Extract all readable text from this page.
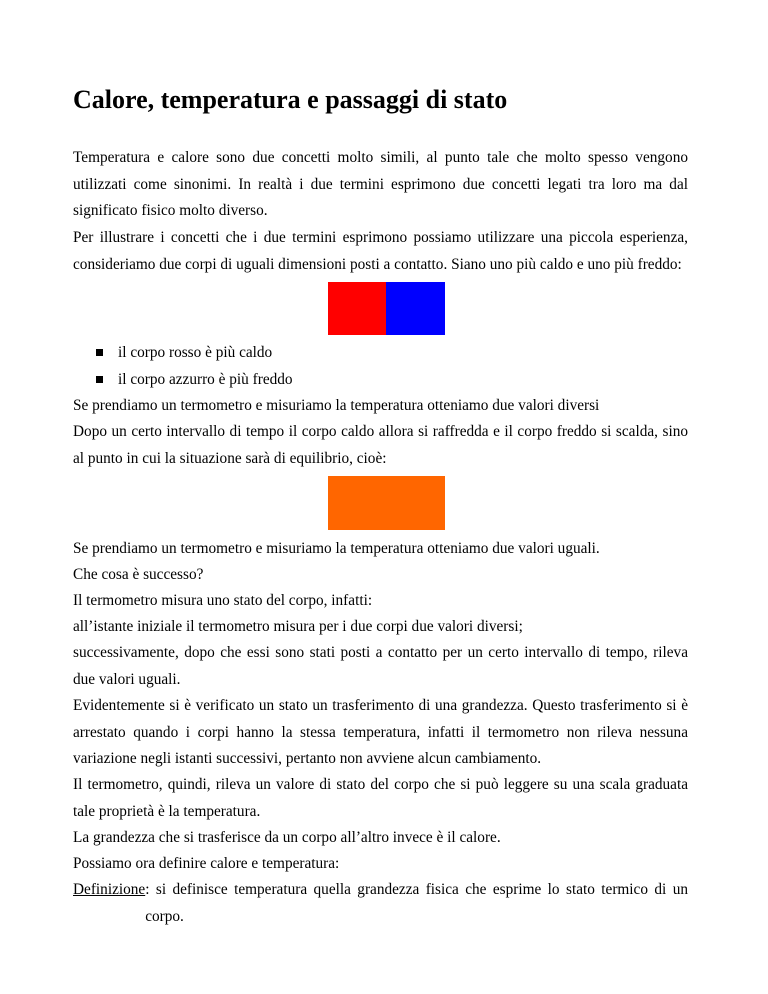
Calore, temperatura e passaggi di stato
Temperatura e calore sono due concetti molto simili, al punto tale che molto spesso vengono utilizzati come sinonimi. In realtà i due termini esprimono due concetti legati tra loro ma dal significato fisico molto diverso.
Per illustrare i concetti che i due termini esprimono possiamo utilizzare una piccola esperienza, consideriamo due corpi di uguali dimensioni posti a contatto. Siano uno più caldo e uno più freddo:
il corpo rosso è più caldo
il corpo azzurro è più freddo
Se prendiamo un termometro e misuriamo la temperatura otteniamo due valori diversi
Dopo un certo intervallo di tempo il corpo caldo allora si raffredda e il corpo freddo si scalda, sino al punto in cui la situazione sarà di equilibrio, cioè:
Se prendiamo un termometro e misuriamo la temperatura otteniamo due valori uguali.
Che cosa è successo?
Il termometro misura uno stato del corpo, infatti:
all’istante iniziale il termometro misura per i due corpi due valori diversi;
successivamente, dopo che essi sono stati posti a contatto per un certo intervallo di tempo, rileva due valori uguali.
Evidentemente si è verificato un stato un trasferimento di una grandezza. Questo trasferimento si è arrestato quando i corpi hanno la stessa temperatura, infatti il termometro non rileva nessuna variazione negli istanti successivi, pertanto non avviene alcun cambiamento.
Il termometro, quindi, rileva un valore di stato del corpo che si può leggere su una scala graduata tale proprietà è la temperatura.
La grandezza che si trasferisce da un corpo all’altro invece è il calore.
Possiamo ora definire calore e temperatura:
Definizione : si definisce temperatura quella grandezza fisica che esprime lo stato termico di un corpo.
